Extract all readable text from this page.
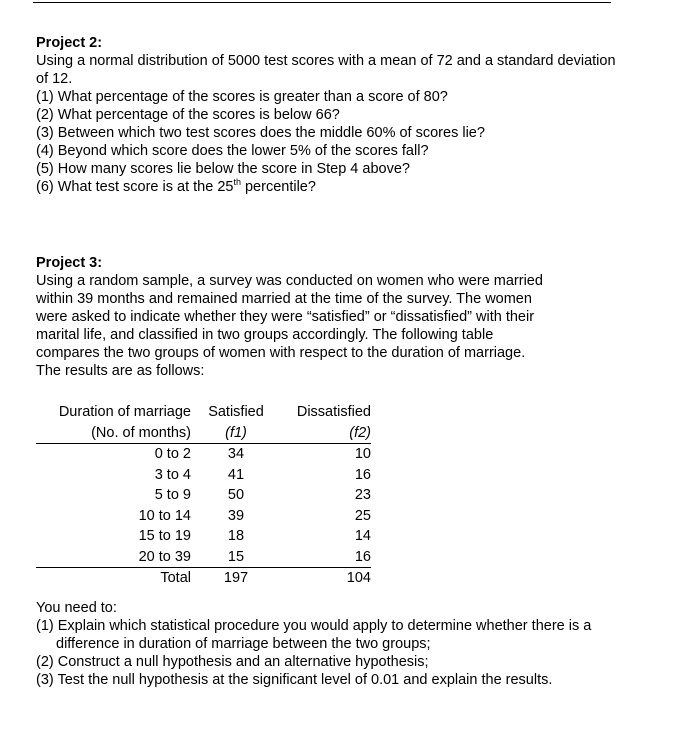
Project 2:

Using a normal distribution of 5000 test scores with a mean of 72 and a standard deviation of 12.

(1) What percentage of the scores is greater than a score of 80?

(2) What percentage of the scores is below 66?

(3) Between which two test scores does the middle 60% of scores lie?

(4) Beyond which score does the lower 5% of the scores fall?

(5) How many scores lie below the score in Step 4 above?

(6) What test score is at the 25th percentile?

Project 3:

Using a random sample, a survey was conducted on women who were married

within 39 months and remained married at the time of the survey. The women

were asked to indicate whether they were “satisfied” or “dissatisfied” with their

marital life, and classified in two groups accordingly. The following table

compares the two groups of women with respect to the duration of marriage.

The results are as follows:

Duration of marriage	Satisfied	Dissatisfied
(No. of months)	(f1)	(f2)
0 to 2	34	10
3 to 4	41	16
5 to 9	50	23
10 to 14	39	25
15 to 19	18	14
20 to 39	15	16
Total	197	104

You need to:

(1) Explain which statistical procedure you would apply to determine whether there is a difference in duration of marriage between the two groups;

(2) Construct a null hypothesis and an alternative hypothesis;

(3) Test the null hypothesis at the significant level of 0.01 and explain the results.
